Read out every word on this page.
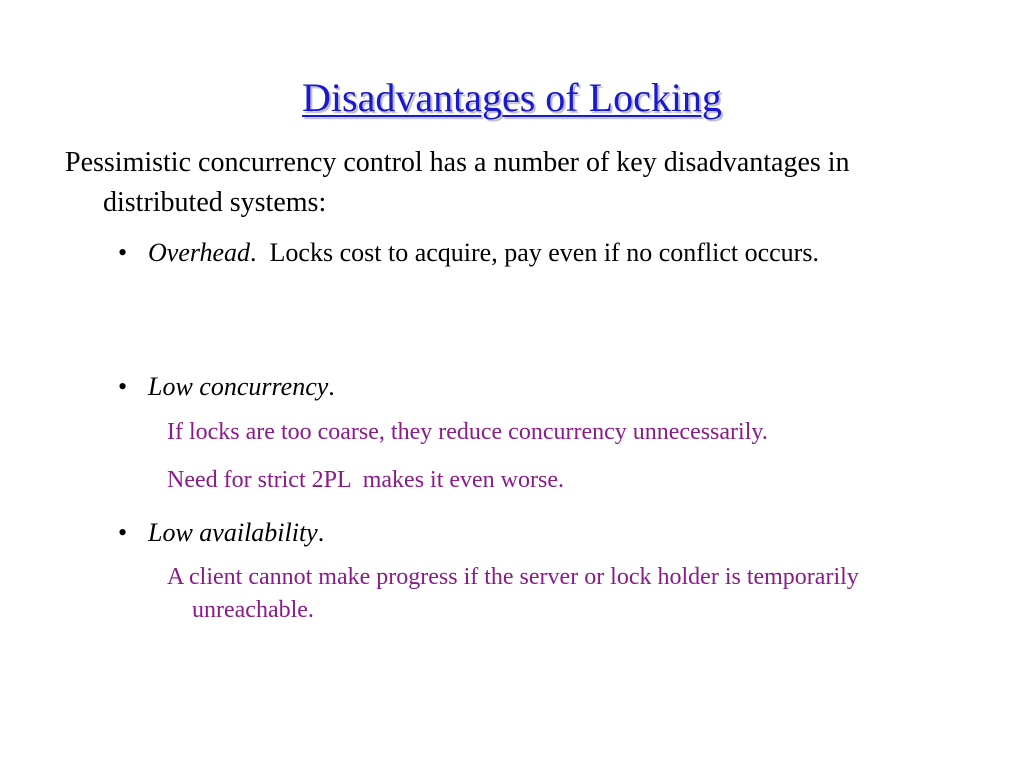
Disadvantages of Locking
Pessimistic concurrency control has a number of key disadvantages in distributed systems:
• Overhead.  Locks cost to acquire, pay even if no conflict occurs.
• Low concurrency.
If locks are too coarse, they reduce concurrency unnecessarily.
Need for strict 2PL  makes it even worse.
• Low availability.
A client cannot make progress if the server or lock holder is temporarily unreachable.
